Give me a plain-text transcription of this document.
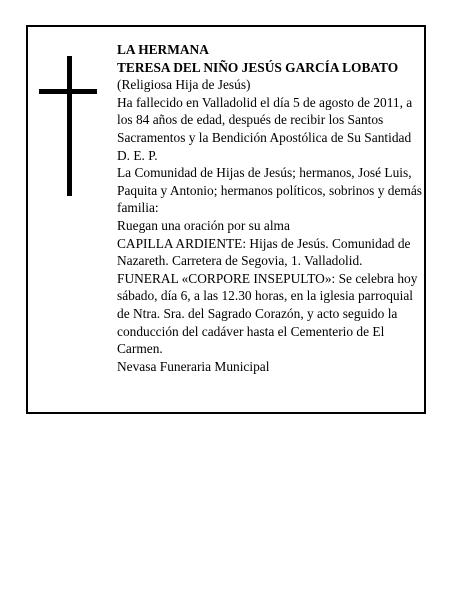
LA HERMANA

TERESA DEL NIÑO JESÚS GARCÍA LOBATO

(Religiosa Hija de Jesús)

Ha fallecido en Valladolid el día 5 de agosto de 2011, a los 84 años de edad, después de recibir los Santos Sacramentos y la Bendición Apostólica de Su Santidad D. E. P.

La Comunidad de Hijas de Jesús; hermanos, José Luis, Paquita y Antonio; hermanos políticos, sobrinos y demás familia:

Ruegan una oración por su alma

CAPILLA ARDIENTE: Hijas de Jesús. Comunidad de Nazareth. Carretera de Segovia, 1. Valladolid.

FUNERAL «CORPORE INSEPULTO»: Se celebra hoy sábado, día 6, a las 12.30 horas, en la iglesia parroquial de Ntra. Sra. del Sagrado Corazón, y acto seguido la conducción del cadáver hasta el Cementerio de El Carmen.

Nevasa Funeraria Municipal
